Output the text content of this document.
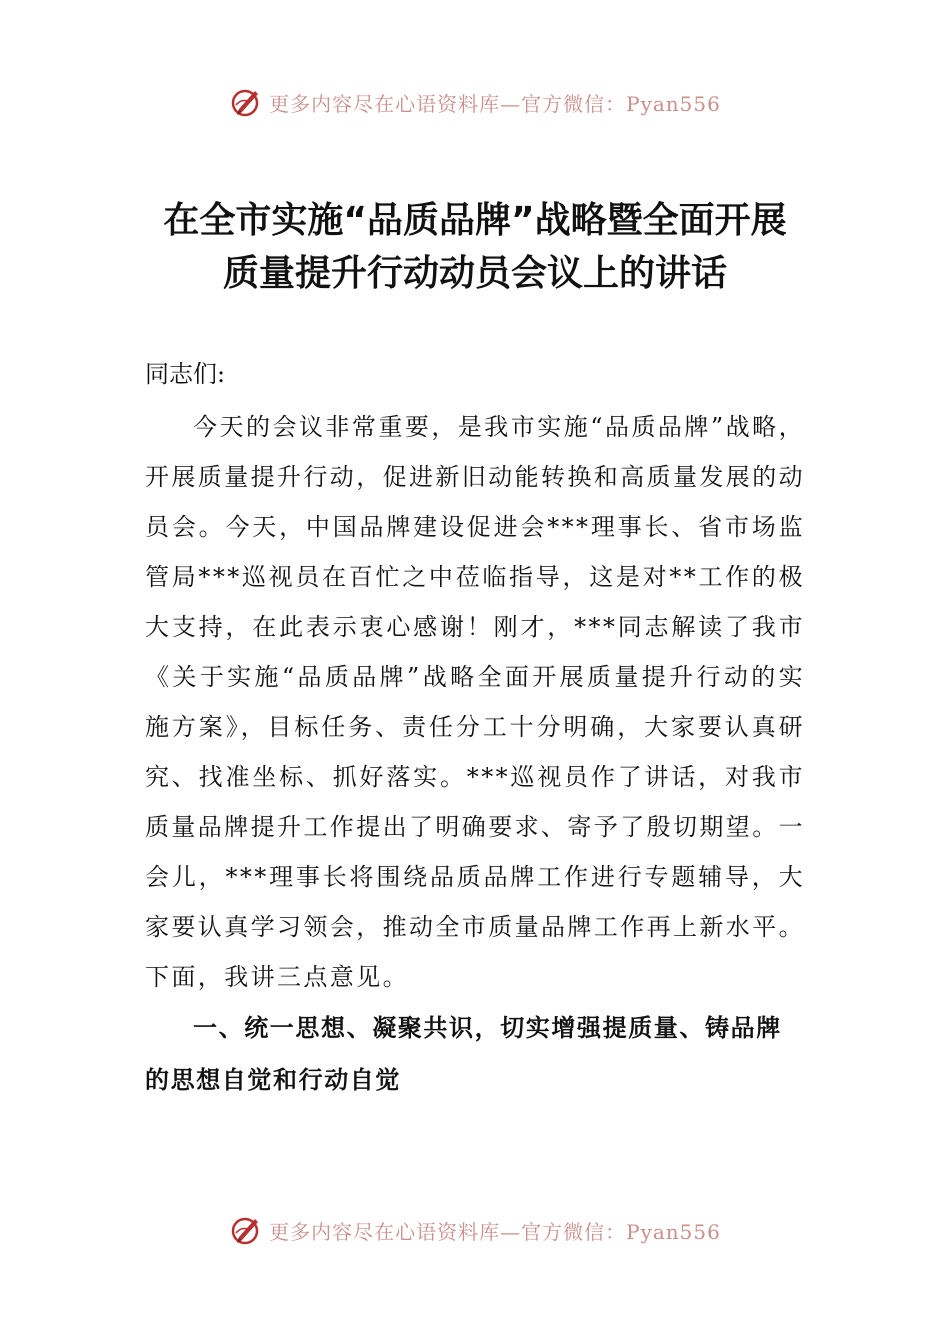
更多内容尽在心语资料库—官方微信：Pyan556
在全市实施“品质品牌”战略暨全面开展
质量提升行动动员会议上的讲话

同志们:

今天的会议非常重要，是我市实施“品质品牌”战略，开展质量提升行动，促进新旧动能转换和高质量发展的动员会。今天，中国品牌建设促进会***理事长、省市场监管局***巡视员在百忙之中莅临指导，这是对**工作的极大支持，在此表示衷心感谢！刚才，***同志解读了我市《关于实施“品质品牌”战略全面开展质量提升行动的实施方案》，目标任务、责任分工十分明确，大家要认真研究、找准坐标、抓好落实。***巡视员作了讲话，对我市质量品牌提升工作提出了明确要求、寄予了殷切期望。一会儿，***理事长将围绕品质品牌工作进行专题辅导，大家要认真学习领会，推动全市质量品牌工作再上新水平。下面，我讲三点意见。

一、统一思想、凝聚共识，切实增强提质量、铸品牌的思想自觉和行动自觉

更多内容尽在心语资料库—官方微信：Pyan556
